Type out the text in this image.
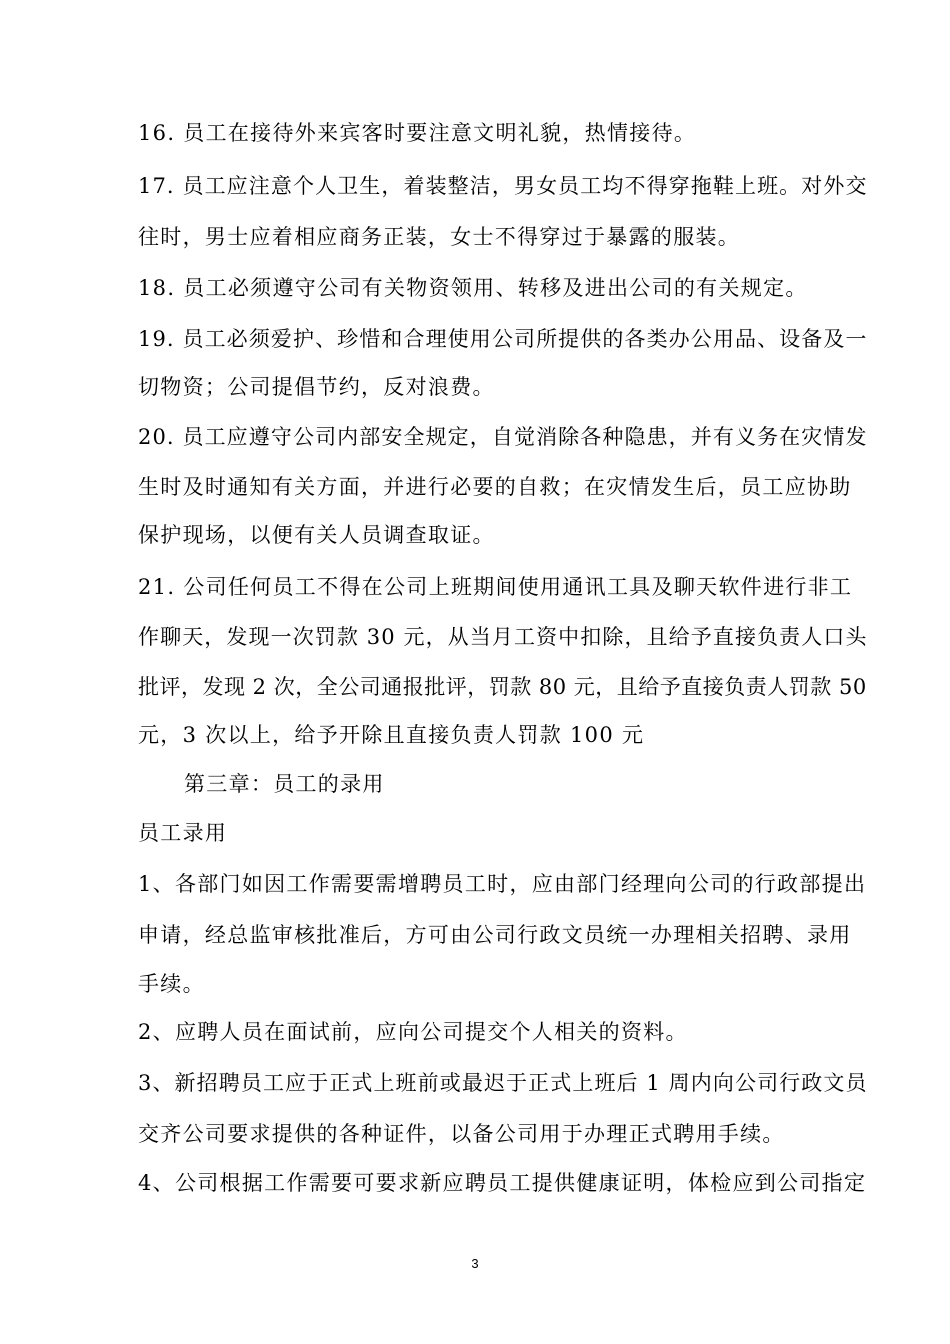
16. 员工在接待外来宾客时要注意文明礼貌，热情接待。
17. 员工应注意个人卫生，着装整洁，男女员工均不得穿拖鞋上班。对外交
往时，男士应着相应商务正装，女士不得穿过于暴露的服装。
18. 员工必须遵守公司有关物资领用、转移及进出公司的有关规定。
19. 员工必须爱护、珍惜和合理使用公司所提供的各类办公用品、设备及一
切物资；公司提倡节约，反对浪费。
20. 员工应遵守公司内部安全规定，自觉消除各种隐患，并有义务在灾情发
生时及时通知有关方面，并进行必要的自救；在灾情发生后，员工应协助
保护现场，以便有关人员调查取证。
21. 公司任何员工不得在公司上班期间使用通讯工具及聊天软件进行非工
作聊天，发现一次罚款 30 元，从当月工资中扣除，且给予直接负责人口头
批评，发现 2 次，全公司通报批评，罚款 80 元，且给予直接负责人罚款 50
元，3 次以上，给予开除且直接负责人罚款 100 元
第三章：员工的录用
员工录用
1、各部门如因工作需要需增聘员工时，应由部门经理向公司的行政部提出
申请，经总监审核批准后，方可由公司行政文员统一办理相关招聘、录用
手续。
2、应聘人员在面试前，应向公司提交个人相关的资料。
3、新招聘员工应于正式上班前或最迟于正式上班后 1 周内向公司行政文员
交齐公司要求提供的各种证件，以备公司用于办理正式聘用手续。
4、公司根据工作需要可要求新应聘员工提供健康证明，体检应到公司指定
3
